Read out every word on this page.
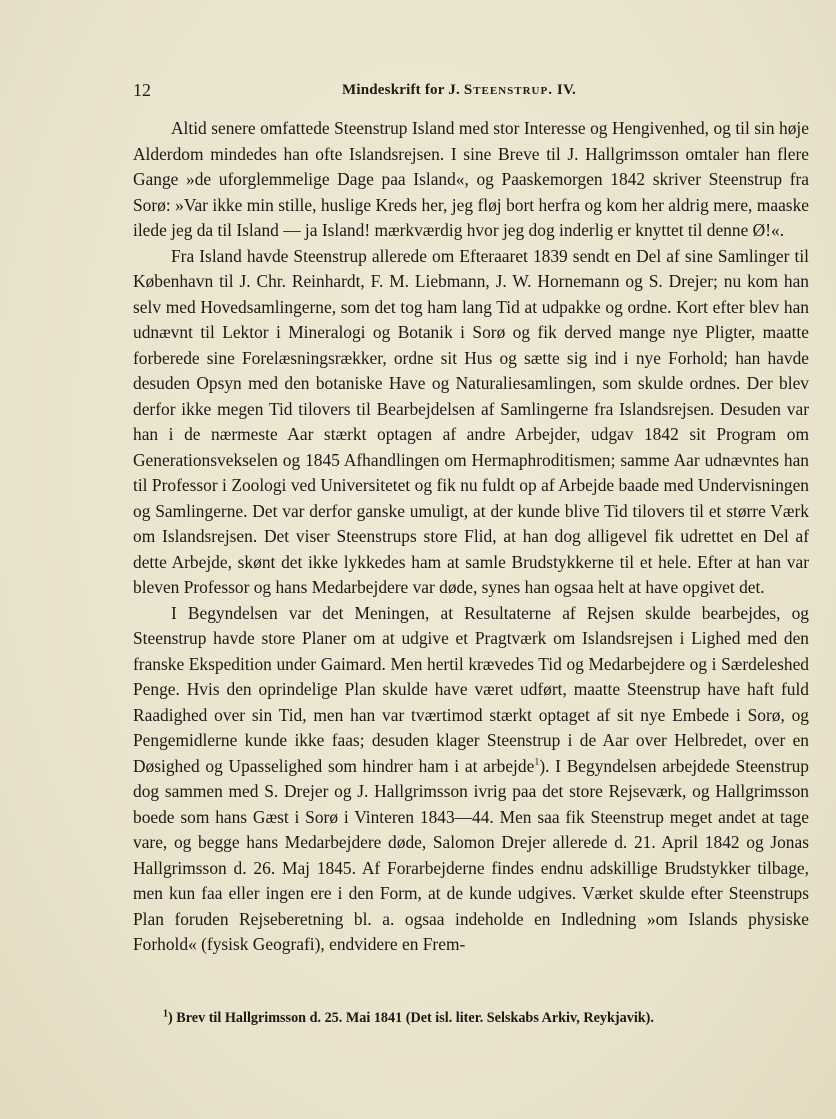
12	Mindeskrift for J. Steenstrup. IV.

Altid senere omfattede Steenstrup Island med stor Interesse og Hengivenhed, og til sin høje Alderdom mindedes han ofte Islandsrejsen. I sine Breve til J. Hallgrimsson omtaler han flere Gange »de uforglemmelige Dage paa Island«, og Paaskemorgen 1842 skriver Steenstrup fra Sorø: »Var ikke min stille, huslige Kreds her, jeg fløj bort herfra og kom her aldrig mere, maaske ilede jeg da til Island — ja Island! mærkværdig hvor jeg dog inderlig er knyttet til denne Ø!«.

Fra Island havde Steenstrup allerede om Efteraaret 1839 sendt en Del af sine Samlinger til København til J. Chr. Reinhardt, F. M. Liebmann, J. W. Hornemann og S. Drejer; nu kom han selv med Hovedsamlingerne, som det tog ham lang Tid at udpakke og ordne. Kort efter blev han udnævnt til Lektor i Mineralogi og Botanik i Sorø og fik derved mange nye Pligter, maatte forberede sine Forelæsningsrækker, ordne sit Hus og sætte sig ind i nye Forhold; han havde desuden Opsyn med den botaniske Have og Naturaliesamlingen, som skulde ordnes. Der blev derfor ikke megen Tid tilovers til Bearbejdelsen af Samlingerne fra Islandsrejsen. Desuden var han i de nærmeste Aar stærkt optagen af andre Arbejder, udgav 1842 sit Program om Generationsvekselen og 1845 Afhandlingen om Hermaphroditismen; samme Aar udnævntes han til Professor i Zoologi ved Universitetet og fik nu fuldt op af Arbejde baade med Undervisningen og Samlingerne. Det var derfor ganske umuligt, at der kunde blive Tid tilovers til et større Værk om Islandsrejsen. Det viser Steenstrups store Flid, at han dog alligevel fik udrettet en Del af dette Arbejde, skønt det ikke lykkedes ham at samle Brudstykkerne til et hele. Efter at han var bleven Professor og hans Medarbejdere var døde, synes han ogsaa helt at have opgivet det.

I Begyndelsen var det Meningen, at Resultaterne af Rejsen skulde bearbejdes, og Steenstrup havde store Planer om at udgive et Pragtværk om Islandsrejsen i Lighed med den franske Ekspedition under Gaimard. Men hertil krævedes Tid og Medarbejdere og i Særdeleshed Penge. Hvis den oprindelige Plan skulde have været udført, maatte Steenstrup have haft fuld Raadighed over sin Tid, men han var tværtimod stærkt optaget af sit nye Embede i Sorø, og Pengemidlerne kunde ikke faas; desuden klager Steenstrup i de Aar over Helbredet, over en Døsighed og Upasselighed som hindrer ham i at arbejde$^1$). I Begyndelsen arbejdede Steenstrup dog sammen med S. Drejer og J. Hallgrimsson ivrig paa det store Rejseværk, og Hallgrimsson boede som hans Gæst i Sorø i Vinteren 1843—44. Men saa fik Steenstrup meget andet at tage vare, og begge hans Medarbejdere døde, Salomon Drejer allerede d. 21. April 1842 og Jonas Hallgrimsson d. 26. Maj 1845. Af Forarbejderne findes endnu adskillige Brudstykker tilbage, men kun faa eller ingen ere i den Form, at de kunde udgives. Værket skulde efter Steenstrups Plan foruden Rejseberetning bl. a. ogsaa indeholde en Indledning »om Islands physiske Forhold« (fysisk Geografi), endvidere en Frem-

$^1$) Brev til Hallgrimsson d. 25. Mai 1841 (Det isl. liter. Selskabs Arkiv, Reykjavik).
